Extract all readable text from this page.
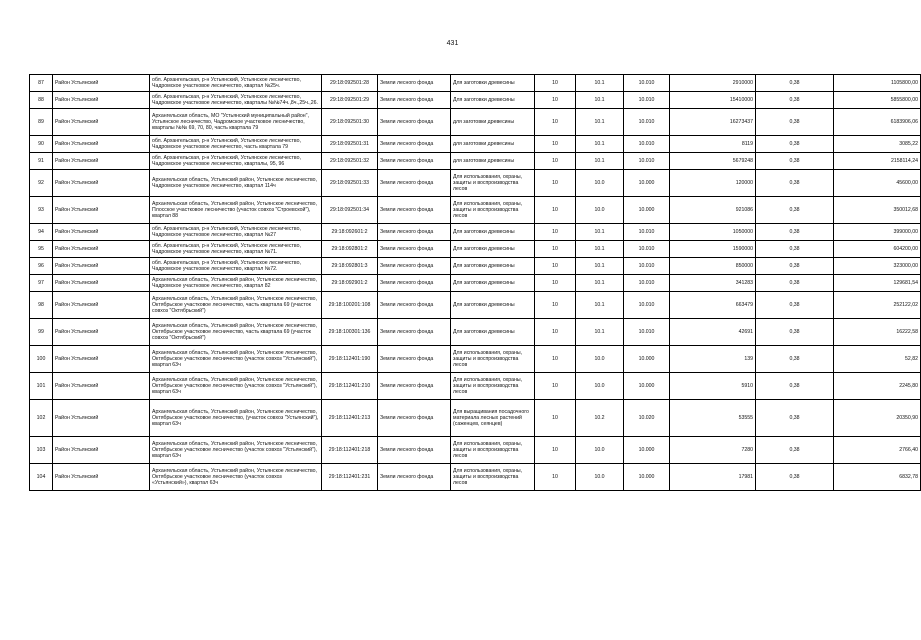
431
87	Район Устьянский	обл. Архангельская, р-н Устьянский, Устьянское лесничество, Чадромское участковое лесничество, квартал №25ч.	29:18:092501:28	Земли лесного фонда	Для заготовки древесины	10	10.1	10.010	2910000	0,38	1105800,00
88	Район Устьянский	обл. Архангельская, р-н Устьянский, Устьянское лесничество, Чадромское участковое лесничество, кварталы №№74ч.,8ч.,25ч.,26.	29:18:092501:29	Земли лесного фонда	Для заготовки древесины	10	10.1	10.010	15410000	0,38	5855800,00
89	Район Устьянский	Архангельская область, МО "Устьянский муниципальный район", Устьянское лесничество, Чадромское участковое лесничество, кварталы №№ 69, 70, 80, часть квартала 79	29:18:092501:30	Земли лесного фонда	для заготовки древесины	10	10.1	10.010	16273437	0,38	6183906,06
90	Район Устьянский	обл. Архангельская, р-н Устьянский, Устьянское лесничество, Чадромское участковое лесничество, часть квартала 79	29:18:092501:31	Земли лесного фонда	для заготовки древесины	10	10.1	10.010	8119	0,38	3085,22
91	Район Устьянский	обл. Архангельская, р-н Устьянский, Устьянское лесничество, Чадромское участковое лесничество, кварталы, 95, 96	29:18:092501:32	Земли лесного фонда	для заготовки древесины	10	10.1	10.010	5679248	0,38	2158114,24
92	Район Устьянский	Архангельская область, Устьянский район, Устьянское лесничество, Чадромское участковое лесничество, квартал 114ч	29:18:092501:33	Земли лесного фонда	Для использования, охраны, защиты и воспроизводства лесов	10	10.0	10.000	120000	0,38	45600,00
93	Район Устьянский	Архангельская область, Устьянский район, Устьянское лесничество, Плосское участковое лесничество (участок совхоз "Строевской"), квартал 88	29:18:092501:34	Земли лесного фонда	Для использования, охраны, защиты и воспроизводства лесов	10	10.0	10.000	921086	0,38	350012,68
94	Район Устьянский	обл. Архангельская, р-н Устьянский, Устьянское лесничество, Чадромское участковое лесничество, квартал №27	29:18:092601:2	Земли лесного фонда	Для заготовки древесины	10	10.1	10.010	1050000	0,38	399000,00
95	Район Устьянский	обл. Архангельская, р-н Устьянский, Устьянское лесничество, Чадромское участковое лесничество, квартал №71.	29:18:092801:2	Земли лесного фонда	Для заготовки древесины	10	10.1	10.010	1590000	0,38	604200,00
96	Район Устьянский	обл. Архангельская, р-н Устьянский, Устьянское лесничество, Чадромское участковое лесничество, квартал №72.	29:18:092801:3	Земли лесного фонда	Для заготовки древесины	10	10.1	10.010	850000	0,38	323000,00
97	Район Устьянский	Архангельская область, Устьянский район, Устьянское лесничество, Чадромское участковое лесничество, квартал 82	29:18:092901:2	Земли лесного фонда	Для заготовки древесины	10	10.1	10.010	341283	0,38	129681,54
98	Район Устьянский	Архангельская область, Устьянский район, Устьянское лесничество, Октябрьское участковое лесничество, часть квартала 69 (участок совхоз "Октябрьский")	29:18:100201:108	Земли лесного фонда	Для заготовки древесины	10	10.1	10.010	663479	0,38	252122,02
99	Район Устьянский	Архангельская область, Устьянский район, Устьянское лесничество, Октябрьское участковое лесничество, часть квартала 69 (участок совхоз "Октябрьский")	29:18:100301:136	Земли лесного фонда	Для заготовки древесины	10	10.1	10.010	42691	0,38	16222,58
100	Район Устьянский	Архангельская область, Устьянский район, Устьянское лесничество, Октябрьское участковое лесничество (участок совхоз "Устьянский"), квартал 63ч	29:18:112401:190	Земли лесного фонда	Для использования, охраны, защиты и воспроизводства лесов	10	10.0	10.000	139	0,38	52,82
101	Район Устьянский	Архангельская область, Устьянский район, Устьянское лесничество, Октябрьское участковое лесничество (участок совхоз "Устьянский"), квартал 63ч	29:18:112401:210	Земли лесного фонда	Для использования, охраны, защиты и воспроизводства лесов	10	10.0	10.000	5910	0,38	2245,80
102	Район Устьянский	Архангельская область, Устьянский район, Устьянское лесничество, Октябрьское участковое лесничество, (участок совхоз "Устьянский"), квартал 63ч	29:18:112401:213	Земли лесного фонда	Для выращивания посадочного материала лесных растений (саженцев, сеянцев)	10	10.2	10.020	53555	0,38	20350,90
103	Район Устьянский	Архангельская область, Устьянский район, Устьянское лесничество, Октябрьское участковое лесничество (участок совхоз "Устьянский"), квартал 63ч	29:18:112401:218	Земли лесного фонда	Для использования, охраны, защиты и воспроизводства лесов	10	10.0	10.000	7280	0,38	2766,40
104	Район Устьянский	Архангельская область, Устьянский район, Устьянское лесничество, Октябрьское участковое лесничество (участок совхоз «Устьянский»), квартал 63ч	29:18:112401:231	Земли лесного фонда	Для использования, охраны, защиты и воспроизводства лесов	10	10.0	10.000	17981	0,38	6832,78
